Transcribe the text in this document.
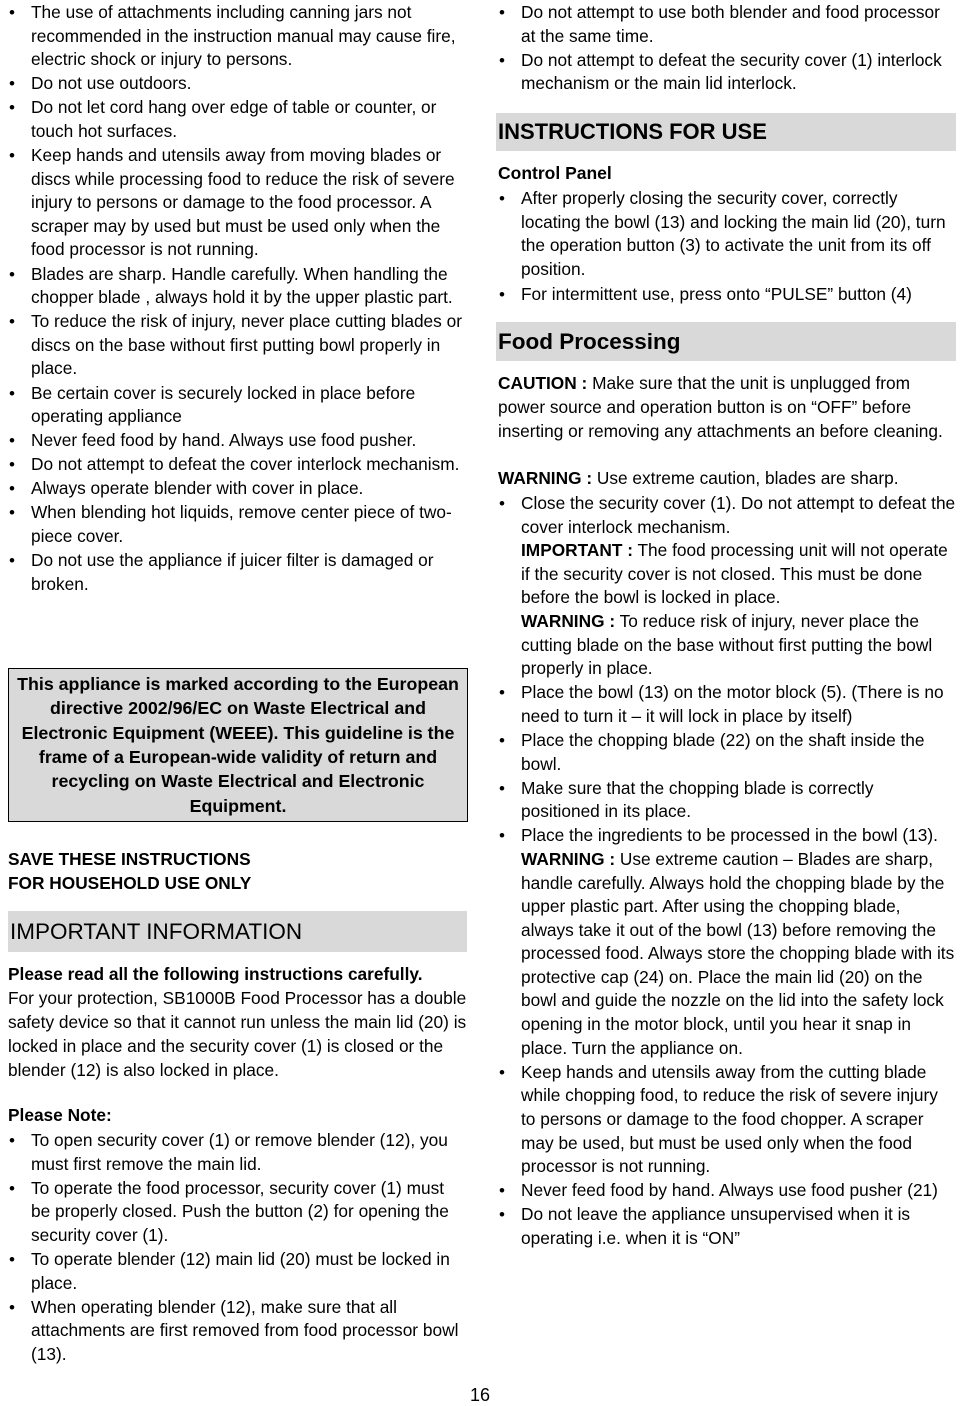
• The use of attachments including canning jars not recommended in the instruction manual may cause fire, electric shock or injury to persons.
• Do not use outdoors.
• Do not let cord hang over edge of table or counter, or touch hot surfaces.
• Keep hands and utensils away from moving blades or discs while processing food to reduce the risk of severe injury to persons or damage to the food processor. A scraper may by used but must be used only when the food processor is not running.
• Blades are sharp. Handle carefully. When handling the chopper blade , always hold it by the upper plastic part.
• To reduce the risk of injury, never place cutting blades or discs on the base without first putting bowl properly in place.
• Be certain cover is securely locked in place before operating appliance
• Never feed food by hand. Always use food pusher.
• Do not attempt to defeat the cover interlock mechanism.
• Always operate blender with cover in place.
• When blending hot liquids, remove center piece of two-piece cover.
• Do not use the appliance if juicer filter is damaged or broken.
This appliance is marked according to the European directive 2002/96/EC on Waste Electrical and Electronic Equipment (WEEE). This guideline is the frame of a European-wide validity of return and recycling on Waste Electrical and Electronic Equipment.
SAVE THESE INSTRUCTIONS
FOR HOUSEHOLD USE ONLY
IMPORTANT INFORMATION
Please read all the following instructions carefully.
For your protection, SB1000B Food Processor has a double safety device so that it cannot run unless the main lid (20) is locked in place and the security cover (1) is closed or the blender (12) is also locked in place.
Please Note:
• To open security cover (1) or remove blender (12), you must first remove the main lid.
• To operate the food processor, security cover (1) must be properly closed. Push the button (2) for opening the security cover (1).
• To operate blender (12) main lid (20) must be locked in place.
• When operating blender (12), make sure that all attachments are first removed from food processor bowl (13).
• Do not attempt to use both blender and food processor at the same time.
• Do not attempt to defeat the security cover (1) interlock mechanism or the main lid interlock.
INSTRUCTIONS FOR USE
Control Panel
• After properly closing the security cover, correctly locating the bowl (13) and locking the main lid (20), turn the operation button (3) to activate the unit from its off position.
• For intermittent use, press onto “PULSE” button (4)
Food Processing
CAUTION : Make sure that the unit is unplugged from power source and operation button is on “OFF” before inserting or removing any attachments an before cleaning.
WARNING : Use extreme caution, blades are sharp.
• Close the security cover (1). Do not attempt to defeat the cover interlock mechanism.
IMPORTANT : The food processing unit will not operate if the security cover is not closed. This must be done before the bowl is locked in place.
WARNING : To reduce risk of injury, never place the cutting blade on the base without first putting the bowl properly in place.
• Place the bowl (13) on the motor block (5). (There is no need to turn it – it will lock in place by itself)
• Place the chopping blade (22) on the shaft inside the bowl.
• Make sure that the chopping blade is correctly positioned in its place.
• Place the ingredients to be processed in the bowl (13).
WARNING : Use extreme caution – Blades are sharp, handle carefully. Always hold the chopping blade by the upper plastic part. After using the chopping blade, always take it out of the bowl (13) before removing the processed food. Always store the chopping blade with its protective cap (24) on. Place the main lid (20) on the bowl and guide the nozzle on the lid into the safety lock opening in the motor block, until you hear it snap in place. Turn the appliance on.
• Keep hands and utensils away from the cutting blade while chopping food, to reduce the risk of severe injury to persons or damage to the food chopper. A scraper may be used, but must be used only when the food processor is not running.
• Never feed food by hand. Always use food pusher (21)
• Do not leave the appliance unsupervised when it is operating i.e. when it is “ON”
16
